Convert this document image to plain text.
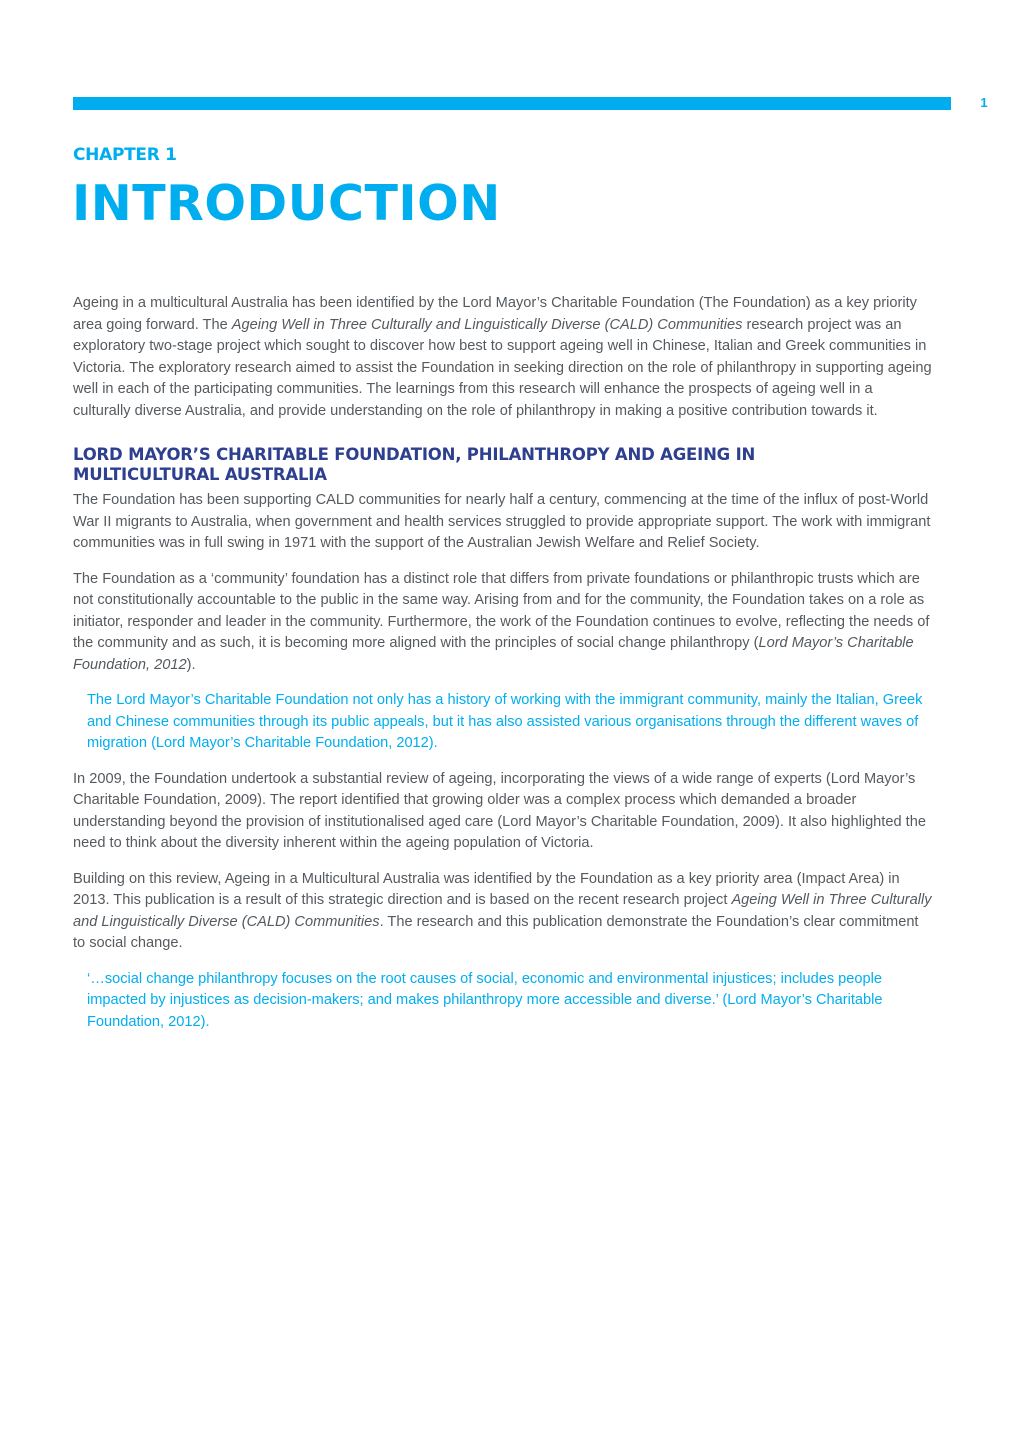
1
CHAPTER 1
INTRODUCTION

Ageing in a multicultural Australia has been identified by the Lord Mayor’s Charitable Foundation (The Foundation) as a key priority area going forward. The Ageing Well in Three Culturally and Linguistically Diverse (CALD) Communities research project was an exploratory two-stage project which sought to discover how best to support ageing well in Chinese, Italian and Greek communities in Victoria. The exploratory research aimed to assist the Foundation in seeking direction on the role of philanthropy in supporting ageing well in each of the participating communities. The learnings from this research will enhance the prospects of ageing well in a culturally diverse Australia, and provide understanding on the role of philanthropy in making a positive contribution towards it.

LORD MAYOR’S CHARITABLE FOUNDATION, PHILANTHROPY AND AGEING IN MULTICULTURAL AUSTRALIA

The Foundation has been supporting CALD communities for nearly half a century, commencing at the time of the influx of post-World War II migrants to Australia, when government and health services struggled to provide appropriate support. The work with immigrant communities was in full swing in 1971 with the support of the Australian Jewish Welfare and Relief Society.

The Foundation as a ‘community’ foundation has a distinct role that differs from private foundations or philanthropic trusts which are not constitutionally accountable to the public in the same way. Arising from and for the community, the Foundation takes on a role as initiator, responder and leader in the community. Furthermore, the work of the Foundation continues to evolve, reflecting the needs of the community and as such, it is becoming more aligned with the principles of social change philanthropy (Lord Mayor’s Charitable Foundation, 2012).

The Lord Mayor’s Charitable Foundation not only has a history of working with the immigrant community, mainly the Italian, Greek and Chinese communities through its public appeals, but it has also assisted various organisations through the different waves of migration (Lord Mayor’s Charitable Foundation, 2012).

In 2009, the Foundation undertook a substantial review of ageing, incorporating the views of a wide range of experts (Lord Mayor’s Charitable Foundation, 2009). The report identified that growing older was a complex process which demanded a broader understanding beyond the provision of institutionalised aged care (Lord Mayor’s Charitable Foundation, 2009). It also highlighted the need to think about the diversity inherent within the ageing population of Victoria.

Building on this review, Ageing in a Multicultural Australia was identified by the Foundation as a key priority area (Impact Area) in 2013. This publication is a result of this strategic direction and is based on the recent research project Ageing Well in Three Culturally and Linguistically Diverse (CALD) Communities. The research and this publication demonstrate the Foundation’s clear commitment to social change.

‘…social change philanthropy focuses on the root causes of social, economic and environmental injustices; includes people impacted by injustices as decision-makers; and makes philanthropy more accessible and diverse.’ (Lord Mayor’s Charitable Foundation, 2012).
